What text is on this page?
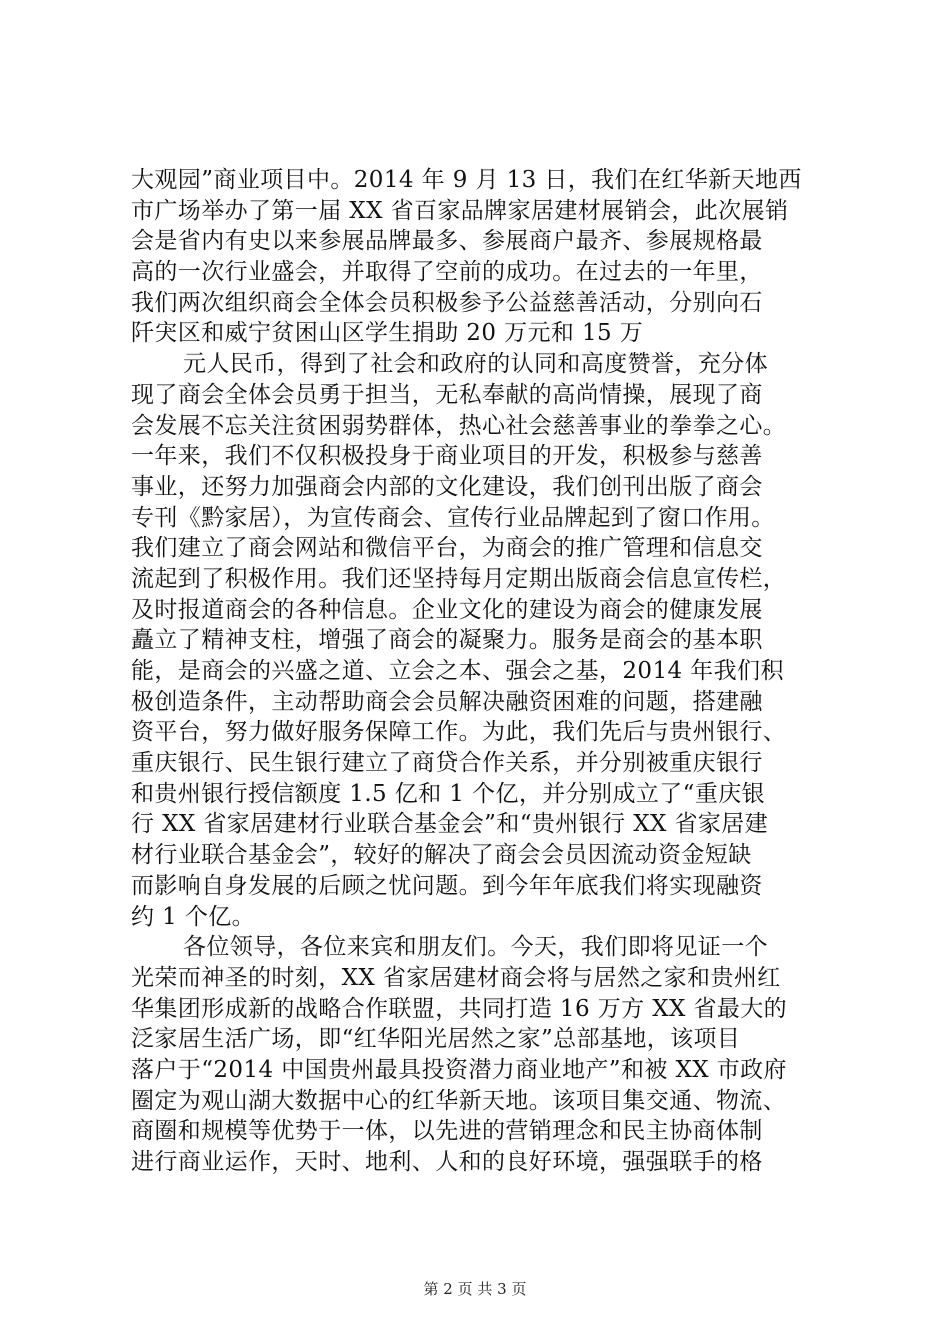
大观园”商业项目中。2014 年 9 月 13 日，我们在红华新天地西
市广场举办了第一届 XX 省百家品牌家居建材展销会，此次展销
会是省内有史以来参展品牌最多、参展商户最齐、参展规格最
高的一次行业盛会，并取得了空前的成功。在过去的一年里，
我们两次组织商会全体会员积极参予公益慈善活动，分别向石
阡宊区和威宁贫困山区学生捐助 20 万元和 15 万
元人民币，得到了社会和政府的认同和高度赞誉，充分体
现了商会全体会员勇于担当，无私奉献的高尚情操，展现了商
会发展不忘关注贫困弱势群体，热心社会慈善事业的拳拳之心。
一年来，我们不仅积极投身于商业项目的开发，积极参与慈善
事业，还努力加强商会内部的文化建设，我们创刊出版了商会
专刊《黔家居），为宣传商会、宣传行业品牌起到了窗口作用。
我们建立了商会网站和微信平台，为商会的推广管理和信息交
流起到了积极作用。我们还坚持每月定期出版商会信息宣传栏，
及时报道商会的各种信息。企业文化的建设为商会的健康发展
矗立了精神支柱，增强了商会的凝聚力。服务是商会的基本职
能，是商会的兴盛之道、立会之本、强会之基，2014 年我们积
极创造条件，主动帮助商会会员解决融资困难的问题，搭建融
资平台，努力做好服务保障工作。为此，我们先后与贵州银行、
重庆银行、民生银行建立了商贷合作关系，并分别被重庆银行
和贵州银行授信额度 1.5 亿和 1 个亿，并分别成立了“重庆银
行 XX 省家居建材行业联合基金会”和“贵州银行 XX 省家居建
材行业联合基金会”，较好的解决了商会会员因流动资金短缺
而影响自身发展的后顾之忧问题。到今年年底我们将实现融资
约 1 个亿。
各位领导，各位来宾和朋友们。今天，我们即将见证一个
光荣而神圣的时刻，XX 省家居建材商会将与居然之家和贵州红
华集团形成新的战略合作联盟，共同打造 16 万方 XX 省最大的
泛家居生活广场，即“红华阳光居然之家”总部基地，该项目
落户于“2014 中国贵州最具投资潜力商业地产”和被 XX 市政府
圈定为观山湖大数据中心的红华新天地。该项目集交通、物流、
商圈和规模等优势于一体，以先进的营销理念和民主协商体制
进行商业运作，天时、地利、人和的良好环境，强强联手的格
第 2 页 共 3 页
